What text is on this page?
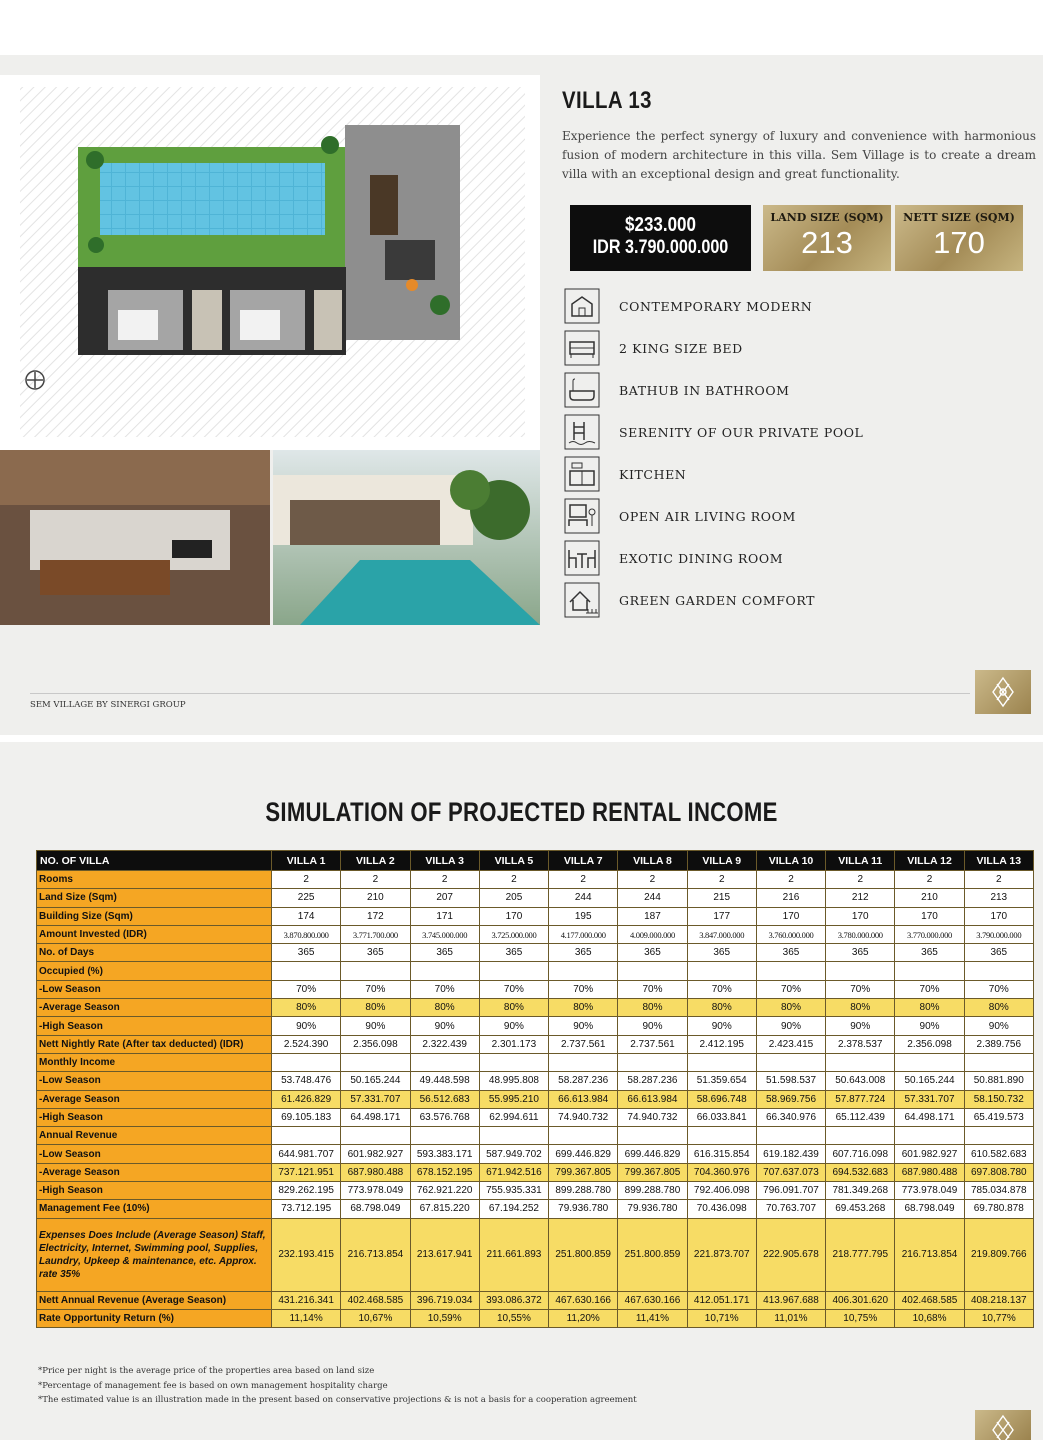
VILLA 13
Experience the perfect synergy of luxury and convenience with harmonious fusion of modern architecture in this villa. Sem Village is to create a dream villa with an exceptional design and great functionality.
$233.000
IDR 3.790.000.000
LAND SIZE (SQM)
213
NETT SIZE (SQM)
170
CONTEMPORARY MODERN
2 KING SIZE BED
BATHUB IN BATHROOM
SERENITY OF OUR PRIVATE POOL
KITCHEN
OPEN AIR LIVING ROOM
EXOTIC DINING ROOM
GREEN GARDEN COMFORT
SEM VILLAGE BY SINERGI GROUP
SIMULATION OF PROJECTED RENTAL INCOME
NO. OF VILLA	VILLA 1	VILLA 2	VILLA 3	VILLA 5	VILLA 7	VILLA 8	VILLA 9	VILLA 10	VILLA 11	VILLA 12	VILLA 13
Rooms	2	2	2	2	2	2	2	2	2	2	2
Land Size (Sqm)	225	210	207	205	244	244	215	216	212	210	213
Building Size (Sqm)	174	172	171	170	195	187	177	170	170	170	170
Amount Invested (IDR)	3.870.800.000	3.771.700.000	3.745.000.000	3.725.000.000	4.177.000.000	4.009.000.000	3.847.000.000	3.760.000.000	3.780.000.000	3.770.000.000	3.790.000.000
No. of Days	365	365	365	365	365	365	365	365	365	365	365
Occupied (%)											
-Low Season	70%	70%	70%	70%	70%	70%	70%	70%	70%	70%	70%
-Average Season	80%	80%	80%	80%	80%	80%	80%	80%	80%	80%	80%
-High Season	90%	90%	90%	90%	90%	90%	90%	90%	90%	90%	90%
Nett Nightly Rate (After tax deducted) (IDR)	2.524.390	2.356.098	2.322.439	2.301.173	2.737.561	2.737.561	2.412.195	2.423.415	2.378.537	2.356.098	2.389.756
Monthly Income											
-Low Season	53.748.476	50.165.244	49.448.598	48.995.808	58.287.236	58.287.236	51.359.654	51.598.537	50.643.008	50.165.244	50.881.890
-Average Season	61.426.829	57.331.707	56.512.683	55.995.210	66.613.984	66.613.984	58.696.748	58.969.756	57.877.724	57.331.707	58.150.732
-High Season	69.105.183	64.498.171	63.576.768	62.994.611	74.940.732	74.940.732	66.033.841	66.340.976	65.112.439	64.498.171	65.419.573
Annual Revenue											
-Low Season	644.981.707	601.982.927	593.383.171	587.949.702	699.446.829	699.446.829	616.315.854	619.182.439	607.716.098	601.982.927	610.582.683
-Average Season	737.121.951	687.980.488	678.152.195	671.942.516	799.367.805	799.367.805	704.360.976	707.637.073	694.532.683	687.980.488	697.808.780
-High Season	829.262.195	773.978.049	762.921.220	755.935.331	899.288.780	899.288.780	792.406.098	796.091.707	781.349.268	773.978.049	785.034.878
Management Fee (10%)	73.712.195	68.798.049	67.815.220	67.194.252	79.936.780	79.936.780	70.436.098	70.763.707	69.453.268	68.798.049	69.780.878
Expenses Does Include (Average Season) Staff, Electricity, Internet, Swimming pool, Supplies, Laundry, Upkeep & maintenance, etc. Approx. rate 35%	232.193.415	216.713.854	213.617.941	211.661.893	251.800.859	251.800.859	221.873.707	222.905.678	218.777.795	216.713.854	219.809.766
Nett Annual Revenue (Average Season)	431.216.341	402.468.585	396.719.034	393.086.372	467.630.166	467.630.166	412.051.171	413.967.688	406.301.620	402.468.585	408.218.137
Rate Opportunity Return (%)	11,14%	10,67%	10,59%	10,55%	11,20%	11,41%	10,71%	11,01%	10,75%	10,68%	10,77%
*Price per night is the average price of the properties area based on land size
*Percentage of management fee is based on own management hospitality charge
*The estimated value is an illustration made in the present based on conservative projections & is not a basis for a cooperation agreement
